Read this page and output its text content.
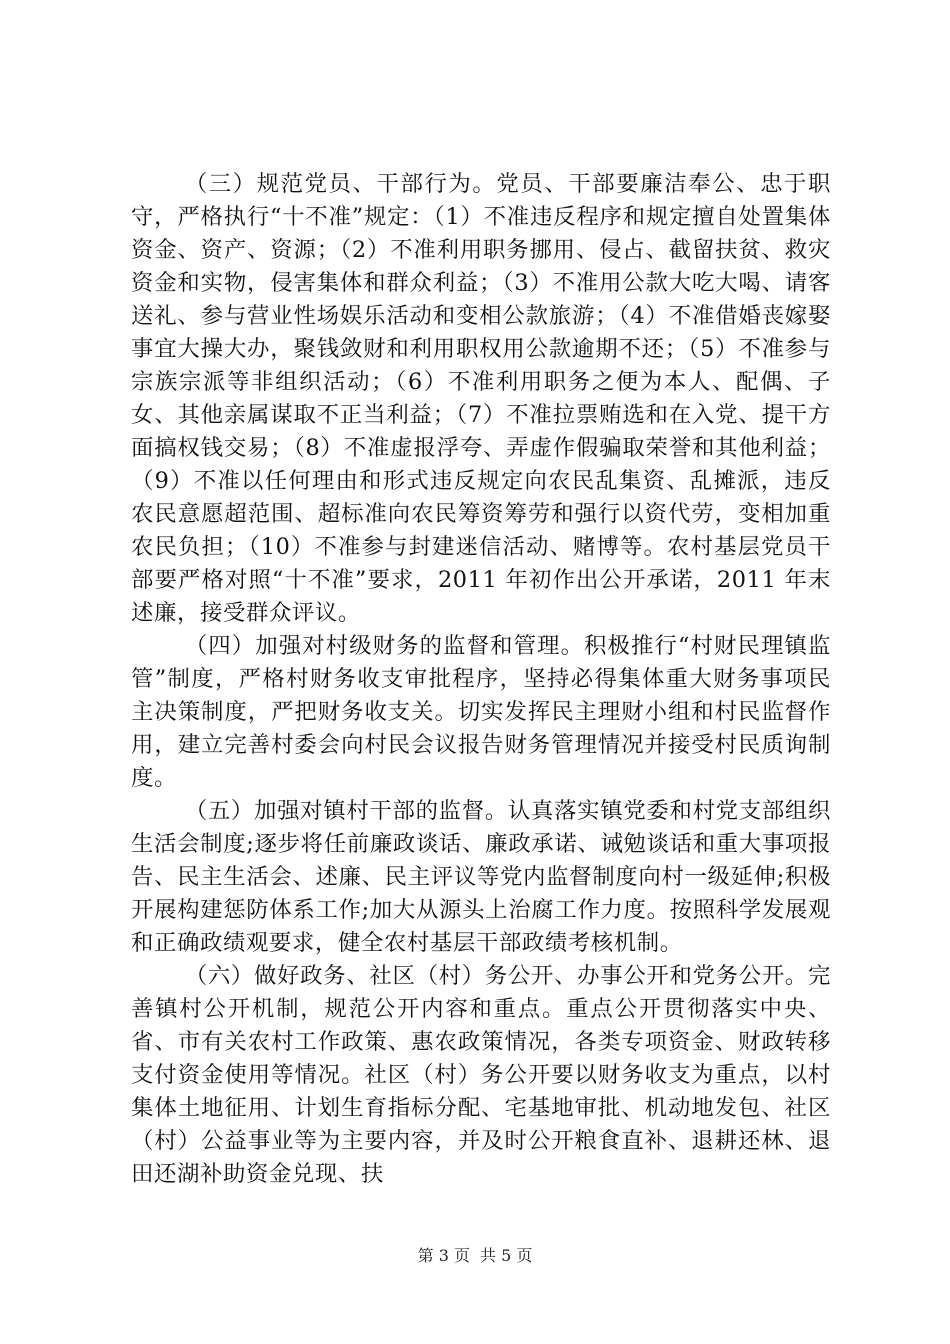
（三）规范党员、干部行为。党员、干部要廉洁奉公、忠于职守，严格执行“十不准”规定：（1）不准违反程序和规定擅自处置集体资金、资产、资源；（2）不准利用职务挪用、侵占、截留扶贫、救灾资金和实物，侵害集体和群众利益；（3）不准用公款大吃大喝、请客送礼、参与营业性场娱乐活动和变相公款旅游；（4）不准借婚丧嫁娶事宜大操大办，聚钱敛财和利用职权用公款逾期不还；（5）不准参与宗族宗派等非组织活动；（6）不准利用职务之便为本人、配偶、子女、其他亲属谋取不正当利益；（7）不准拉票贿选和在入党、提干方面搞权钱交易；（8）不准虚报浮夸、弄虚作假骗取荣誉和其他利益；（9）不准以任何理由和形式违反规定向农民乱集资、乱摊派，违反农民意愿超范围、超标准向农民筹资筹劳和强行以资代劳，变相加重农民负担；（10）不准参与封建迷信活动、赌博等。农村基层党员干部要严格对照“十不准”要求，2011 年初作出公开承诺，2011 年末述廉，接受群众评议。

（四）加强对村级财务的监督和管理。积极推行“村财民理镇监管”制度，严格村财务收支审批程序，坚持必得集体重大财务事项民主决策制度，严把财务收支关。切实发挥民主理财小组和村民监督作用，建立完善村委会向村民会议报告财务管理情况并接受村民质询制度。

（五）加强对镇村干部的监督。认真落实镇党委和村党支部组织生活会制度;逐步将任前廉政谈话、廉政承诺、诫勉谈话和重大事项报告、民主生活会、述廉、民主评议等党内监督制度向村一级延伸;积极开展构建惩防体系工作;加大从源头上治腐工作力度。按照科学发展观和正确政绩观要求，健全农村基层干部政绩考核机制。

（六）做好政务、社区（村）务公开、办事公开和党务公开。完善镇村公开机制，规范公开内容和重点。重点公开贯彻落实中央、省、市有关农村工作政策、惠农政策情况，各类专项资金、财政转移支付资金使用等情况。社区（村）务公开要以财务收支为重点，以村集体土地征用、计划生育指标分配、宅基地审批、机动地发包、社区（村）公益事业等为主要内容，并及时公开粮食直补、退耕还林、退田还湖补助资金兑现、扶

第 3 页 共 5 页
